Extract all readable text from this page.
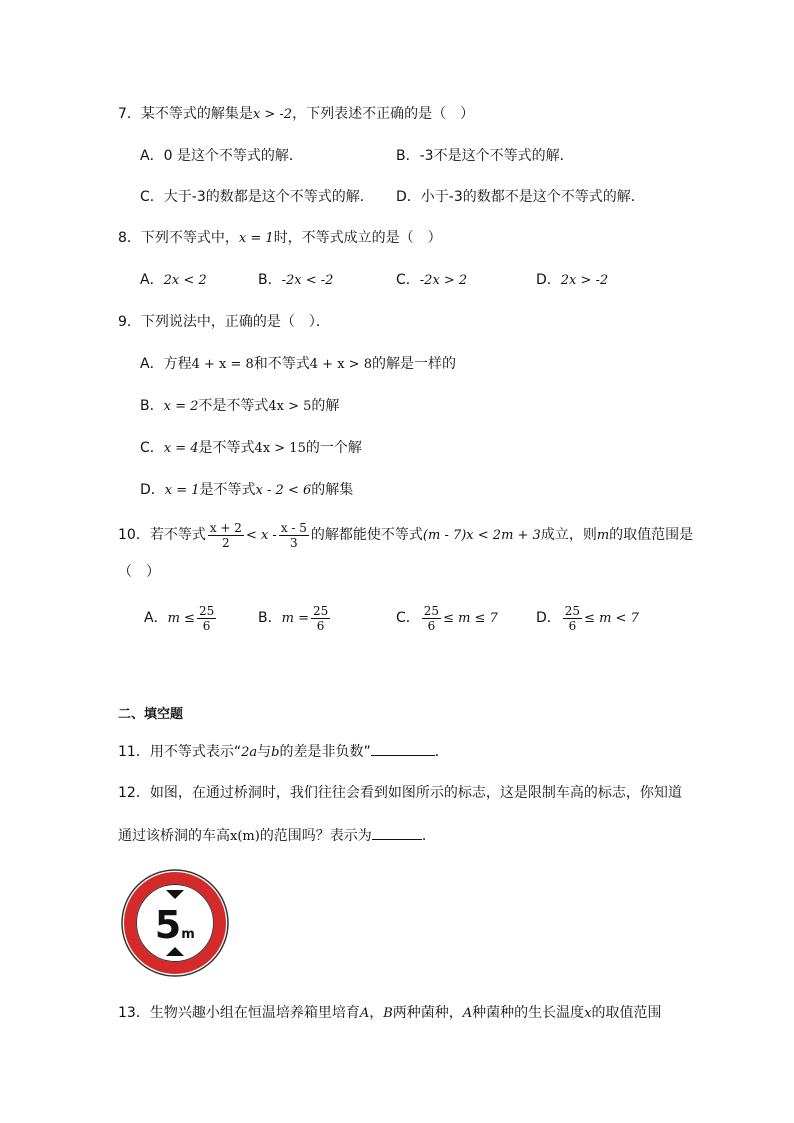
7．某不等式的解集是x > -2，下列表述不正确的是（　）
A．0 是这个不等式的解．	B．-3不是这个不等式的解．
C．大于-3的数都是这个不等式的解． D．小于-3的数都不是这个不等式的解．
8．下列不等式中，x = 1时，不等式成立的是（　）
A．2x < 2	B．-2x < -2	C．-2x > 2	D．2x > -2
9．下列说法中，正确的是（　）．
A．方程4 + x = 8和不等式4 + x > 8的解是一样的
B．x = 2不是不等式4x > 5的解
C．x = 4是不等式4x > 15的一个解
D．x = 1是不等式x - 2 < 6的解集
10．若不等式 $\frac{x + 2}{2} < x - \frac{x - 5}{3}$ 的解都能使不等式(m - 7)x < 2m + 3成立，则m的取值范围是
（　）
A．$m \le \frac{25}{6}$	B．$m = \frac{25}{6}$	C． $\frac{25}{6} \le m \le 7$	D． $\frac{25}{6} \le m < 7$
二、填空题
11．用不等式表示“2a与b的差是非负数”	．
12．如图，在通过桥洞时，我们往往会看到如图所示的标志，这是限制车高的标志，你知道
通过该桥洞的车高x(m)的范围吗？表示为	．
5 m
13．生物兴趣小组在恒温培养箱里培育A，B两种菌种，A种菌种的生长温度x的取值范围
